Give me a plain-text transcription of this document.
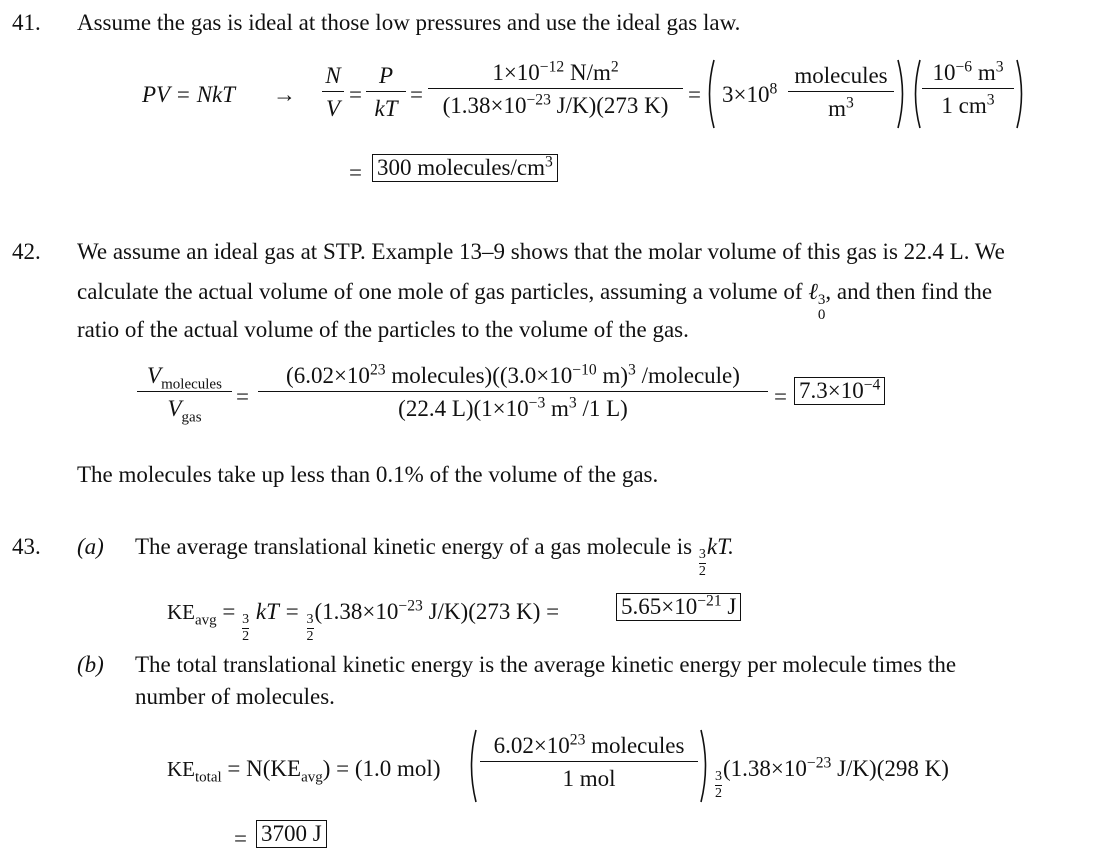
41. Assume the gas is ideal at those low pressures and use the ideal gas law.
PV = NkT →
N
V
=
P
kT
=
$1\times 10^{-12}$ $N/m^2$
($1.38\times 10^{-23}$ J/K)(273 $K) = 3\times 10^8$
molecules
$m^3$
$10^{-6}$ $m^3$
1 $cm^3$
= 300 molecules/$cm^3$
42. We assume an ideal gas at STP. Example 13–9 shows that the molar volume of this gas is 22.4 L. We
calculate the actual volume of one mole of gas particles, assuming a volume of ℓ 3
0
, and then find the
ratio of the actual volume of the particles to the volume of the gas.
$V_{molecules}$
$V_{gas}$
=
($6.02\times 10^{23}$ $molecules)((3.0\times 10^{-10}$ m)$^3$ /molecule)
(22.4 $L)(1\times 10^{-3}$ $m^3$ /1 L)	= $7.3\times 10^{-4}$
The molecules take up less than 0.1% of the volume of the gas.
43. (a) The average translational kinetic energy of a gas molecule is
$\frac{3}{2}$
kT.
$KE_{avg}$ =
$\frac{3}{2}$
kT =
$\frac{3}{2}$
($1.38\times 10^{-23}$ J/K)(273 K) =	$5.65\times 10^{-21}$ J
(b) The total translational kinetic energy is the average kinetic energy per molecule times the
number of molecules.
$KE_{total} = N(KE_{avg}) = (1.0$ mol)
$6.02\times 10^{23}$ molecules
1 mol	$\frac{3}{2}$
($1.38\times 10^{-23}$ J/K)(298 K)
= 3700 J
